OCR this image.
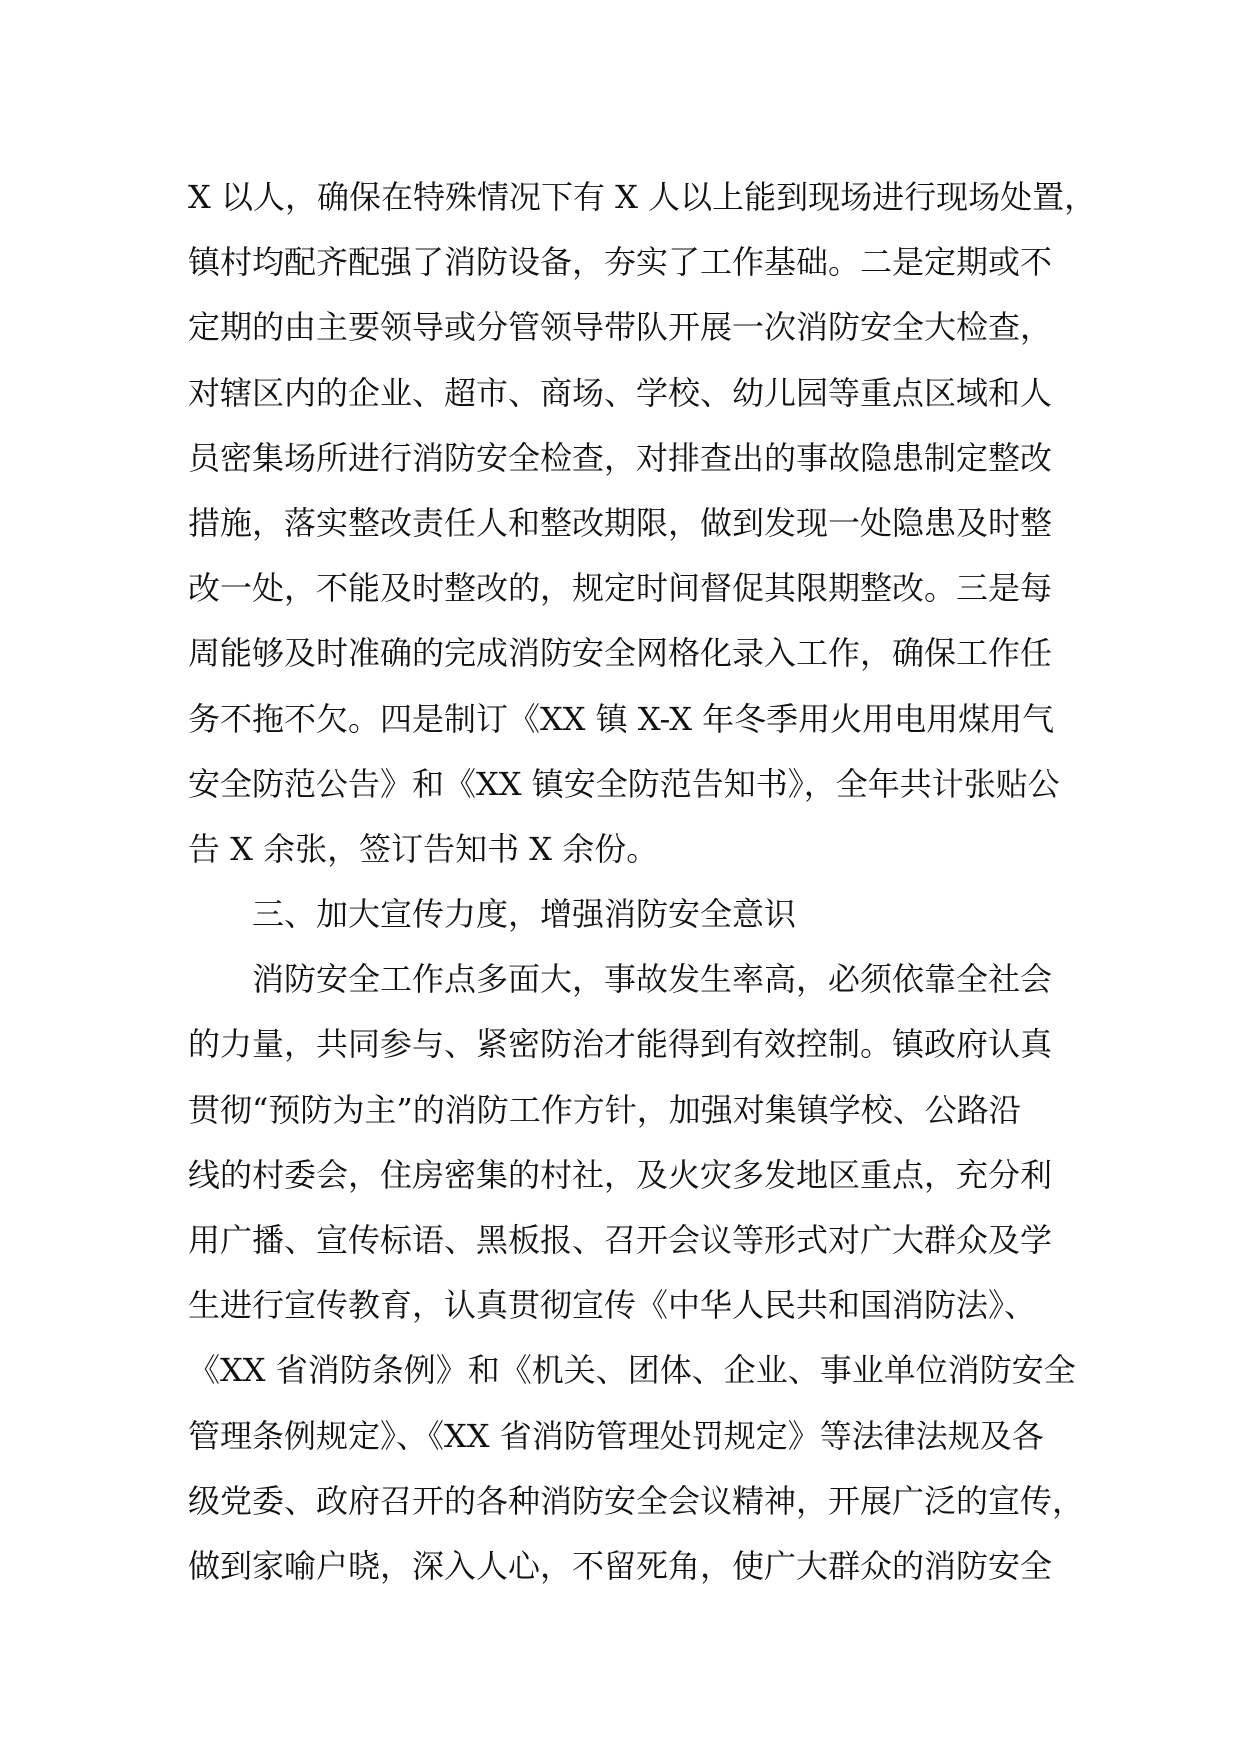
X 以人，确保在特殊情况下有 X 人以上能到现场进行现场处置，
镇村均配齐配强了消防设备，夯实了工作基础。二是定期或不
定期的由主要领导或分管领导带队开展一次消防安全大检查，
对辖区内的企业、超市、商场、学校、幼儿园等重点区域和人
员密集场所进行消防安全检查，对排查出的事故隐患制定整改
措施，落实整改责任人和整改期限，做到发现一处隐患及时整
改一处，不能及时整改的，规定时间督促其限期整改。三是每
周能够及时准确的完成消防安全网格化录入工作，确保工作任
务不拖不欠。四是制订《XX 镇 X-X 年冬季用火用电用煤用气
安全防范公告》和《XX 镇安全防范告知书》，全年共计张贴公
告 X 余张，签订告知书 X 余份。
三、加大宣传力度，增强消防安全意识
消防安全工作点多面大，事故发生率高，必须依靠全社会
的力量，共同参与、紧密防治才能得到有效控制。镇政府认真
贯彻“预防为主”的消防工作方针，加强对集镇学校、公路沿
线的村委会，住房密集的村社，及火灾多发地区重点，充分利
用广播、宣传标语、黑板报、召开会议等形式对广大群众及学
生进行宣传教育，认真贯彻宣传《中华人民共和国消防法》、
《XX 省消防条例》和《机关、团体、企业、事业单位消防安全
管理条例规定》、《XX 省消防管理处罚规定》等法律法规及各
级党委、政府召开的各种消防安全会议精神，开展广泛的宣传，
做到家喻户晓，深入人心，不留死角，使广大群众的消防安全
